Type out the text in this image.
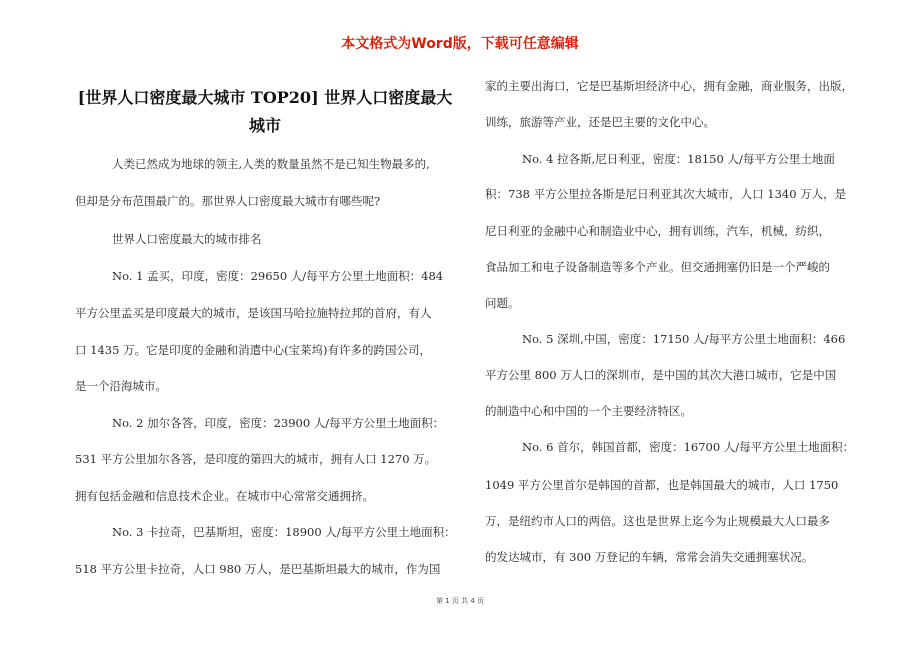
本文格式为Word版，下载可任意编辑
[世界人口密度最大城市 TOP20] 世界人口密度最大
城市
人类已然成为地球的领主,人类的数量虽然不是已知生物最多的,
但却是分布范围最广的。那世界人口密度最大城市有哪些呢?
世界人口密度最大的城市排名
No. 1 孟买，印度，密度：29650 人/每平方公里土地面积：484
平方公里孟买是印度最大的城市，是该国马哈拉施特拉邦的首府，有人
口 1435 万。它是印度的金融和消遣中心(宝莱坞)有许多的跨国公司，
是一个沿海城市。
No. 2 加尔各答，印度，密度：23900 人/每平方公里土地面积：
531 平方公里加尔各答，是印度的第四大的城市，拥有人口 1270 万。
拥有包括金融和信息技术企业。在城市中心常常交通拥挤。
No. 3 卡拉奇，巴基斯坦，密度：18900 人/每平方公里土地面积：
518 平方公里卡拉奇，人口 980 万人，是巴基斯坦最大的城市，作为国
家的主要出海口，它是巴基斯坦经济中心，拥有金融，商业服务，出版，
训练，旅游等产业，还是巴主要的文化中心。
No. 4 拉各斯,尼日利亚，密度：18150 人/每平方公里土地面
积：738 平方公里拉各斯是尼日利亚其次大城市，人口 1340 万人，是
尼日利亚的金融中心和制造业中心，拥有训练，汽车，机械，纺织，
食品加工和电子设备制造等多个产业。但交通拥塞仍旧是一个严峻的
问题。
No. 5 深圳,中国，密度：17150 人/每平方公里土地面积：466
平方公里 800 万人口的深圳市，是中国的其次大港口城市，它是中国
的制造中心和中国的一个主要经济特区。
No. 6 首尔，韩国首都，密度：16700 人/每平方公里土地面积：
1049 平方公里首尔是韩国的首都，也是韩国最大的城市，人口 1750
万，是纽约市人口的两倍。这也是世界上迄今为止规模最大人口最多
的发达城市，有 300 万登记的车辆，常常会消失交通拥塞状况。
第 1 页 共 4 页
